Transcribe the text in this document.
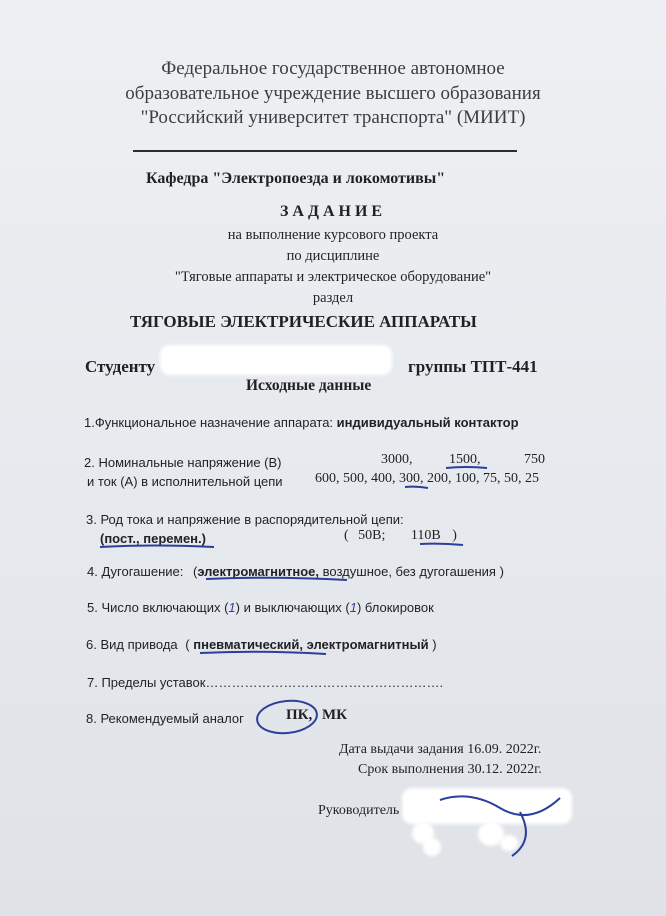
Федеральное государственное автономное
образовательное учреждение высшего образования
"Российский университет транспорта" (МИИТ)
Кафедра "Электропоезда и локомотивы"
ЗАДАНИЕ
на выполнение курсового проекта
по дисциплине
"Тяговые аппараты и электрическое оборудование"
раздел
ТЯГОВЫЕ ЭЛЕКТРИЧЕСКИЕ АППАРАТЫ
Студенту	группы ТПТ-441
Исходные данные
1.Функциональное назначение аппарата: индивидуальный контактор
2. Номинальные напряжение (В)	3000,	1500,	750
и ток (А) в исполнительной цепи 600, 500, 400, 300, 200, 100, 75, 50, 25
3. Род тока и напряжение в распорядительной цепи:
(пост., перемен.)	( 50В; 110В )
4. Дугогашение: (электромагнитное, воздушное, без дугогашения )
5. Число включающих (1) и выключающих (1) блокировок
6. Вид привода ( пневматический, электромагнитный )
7. Пределы уставок……………………………………………….
8. Рекомендуемый аналог	ПК, МК
Дата выдачи задания 16.09. 2022г.
Срок выполнения 30.12. 2022г.
Руководитель
